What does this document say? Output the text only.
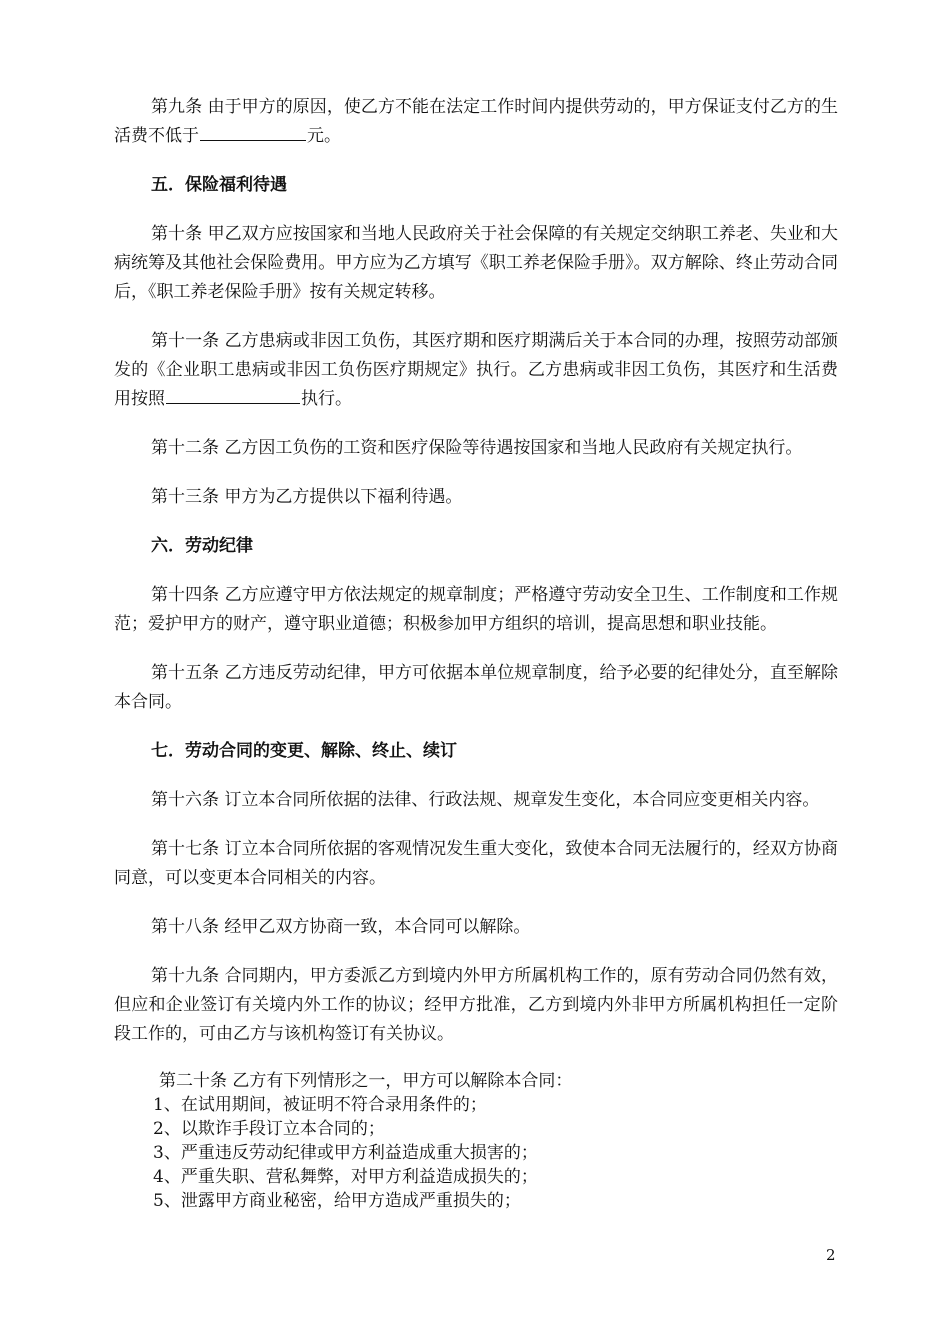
第九条 由于甲方的原因，使乙方不能在法定工作时间内提供劳动的，甲方保证支付乙方的生活费不低于	元。

五．保险福利待遇

第十条 甲乙双方应按国家和当地人民政府关于社会保障的有关规定交纳职工养老、失业和大病统筹及其他社会保险费用。甲方应为乙方填写《职工养老保险手册》。双方解除、终止劳动合同后，《职工养老保险手册》按有关规定转移。

第十一条 乙方患病或非因工负伤，其医疗期和医疗期满后关于本合同的办理，按照劳动部颁发的《企业职工患病或非因工负伤医疗期规定》执行。乙方患病或非因工负伤，其医疗和生活费用按照	执行。

第十二条 乙方因工负伤的工资和医疗保险等待遇按国家和当地人民政府有关规定执行。

第十三条 甲方为乙方提供以下福利待遇。

六．劳动纪律

第十四条 乙方应遵守甲方依法规定的规章制度；严格遵守劳动安全卫生、工作制度和工作规范；爱护甲方的财产，遵守职业道德；积极参加甲方组织的培训，提高思想和职业技能。

第十五条 乙方违反劳动纪律，甲方可依据本单位规章制度，给予必要的纪律处分，直至解除本合同。

七．劳动合同的变更、解除、终止、续订

第十六条 订立本合同所依据的法律、行政法规、规章发生变化，本合同应变更相关内容。

第十七条 订立本合同所依据的客观情况发生重大变化，致使本合同无法履行的，经双方协商同意，可以变更本合同相关的内容。

第十八条 经甲乙双方协商一致，本合同可以解除。

第十九条 合同期内，甲方委派乙方到境内外甲方所属机构工作的，原有劳动合同仍然有效，但应和企业签订有关境内外工作的协议；经甲方批准，乙方到境内外非甲方所属机构担任一定阶段工作的，可由乙方与该机构签订有关协议。

第二十条 乙方有下列情形之一，甲方可以解除本合同：

1、在试用期间，被证明不符合录用条件的；
2、以欺诈手段订立本合同的；
3、严重违反劳动纪律或甲方利益造成重大损害的；
4、严重失职、营私舞弊，对甲方利益造成损失的；
5、泄露甲方商业秘密，给甲方造成严重损失的；
2
